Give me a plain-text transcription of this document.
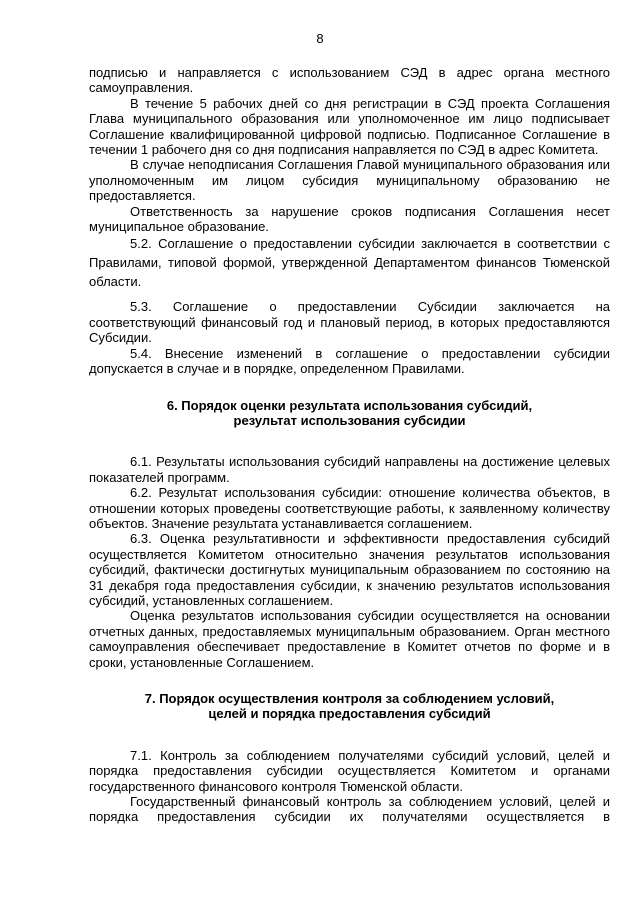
8

подписью и направляется с использованием СЭД в адрес органа местного самоуправления.

В течение 5 рабочих дней со дня регистрации в СЭД проекта Соглашения Глава муниципального образования или уполномоченное им лицо подписывает Соглашение квалифицированной цифровой подписью. Подписанное Соглашение в течении 1 рабочего дня со дня подписания направляется по СЭД в адрес Комитета.

В случае неподписания Соглашения Главой муниципального образования или уполномоченным им лицом субсидия муниципальному образованию не предоставляется.

Ответственность за нарушение сроков подписания Соглашения несет муниципальное образование.

5.2. Соглашение о предоставлении субсидии заключается в соответствии с Правилами, типовой формой, утвержденной Департаментом финансов Тюменской области.

5.3. Соглашение о предоставлении Субсидии заключается на соответствующий финансовый год и плановый период, в которых предоставляются Субсидии.

5.4. Внесение изменений в соглашение о предоставлении субсидии допускается в случае и в порядке, определенном Правилами.

6. Порядок оценки результата использования субсидий,

результат использования субсидии

6.1. Результаты использования субсидий направлены на достижение целевых показателей программ.

6.2. Результат использования субсидии: отношение количества объектов, в отношении которых проведены соответствующие работы, к заявленному количеству объектов. Значение результата устанавливается соглашением.

6.3. Оценка результативности и эффективности предоставления субсидий осуществляется Комитетом относительно значения результатов использования субсидий, фактически достигнутых муниципальным образованием по состоянию на 31 декабря года предоставления субсидии, к значению результатов использования субсидий, установленных соглашением.

Оценка результатов использования субсидии осуществляется на основании отчетных данных, предоставляемых муниципальным образованием. Орган местного самоуправления обеспечивает предоставление в Комитет отчетов по форме и в сроки, установленные Соглашением.

7. Порядок осуществления контроля за соблюдением условий,

целей и порядка предоставления субсидий

7.1. Контроль за соблюдением получателями субсидий условий, целей и порядка предоставления субсидии осуществляется Комитетом и органами государственного финансового контроля Тюменской области.

Государственный финансовый контроль за соблюдением условий, целей и порядка предоставления субсидии их получателями осуществляется в
